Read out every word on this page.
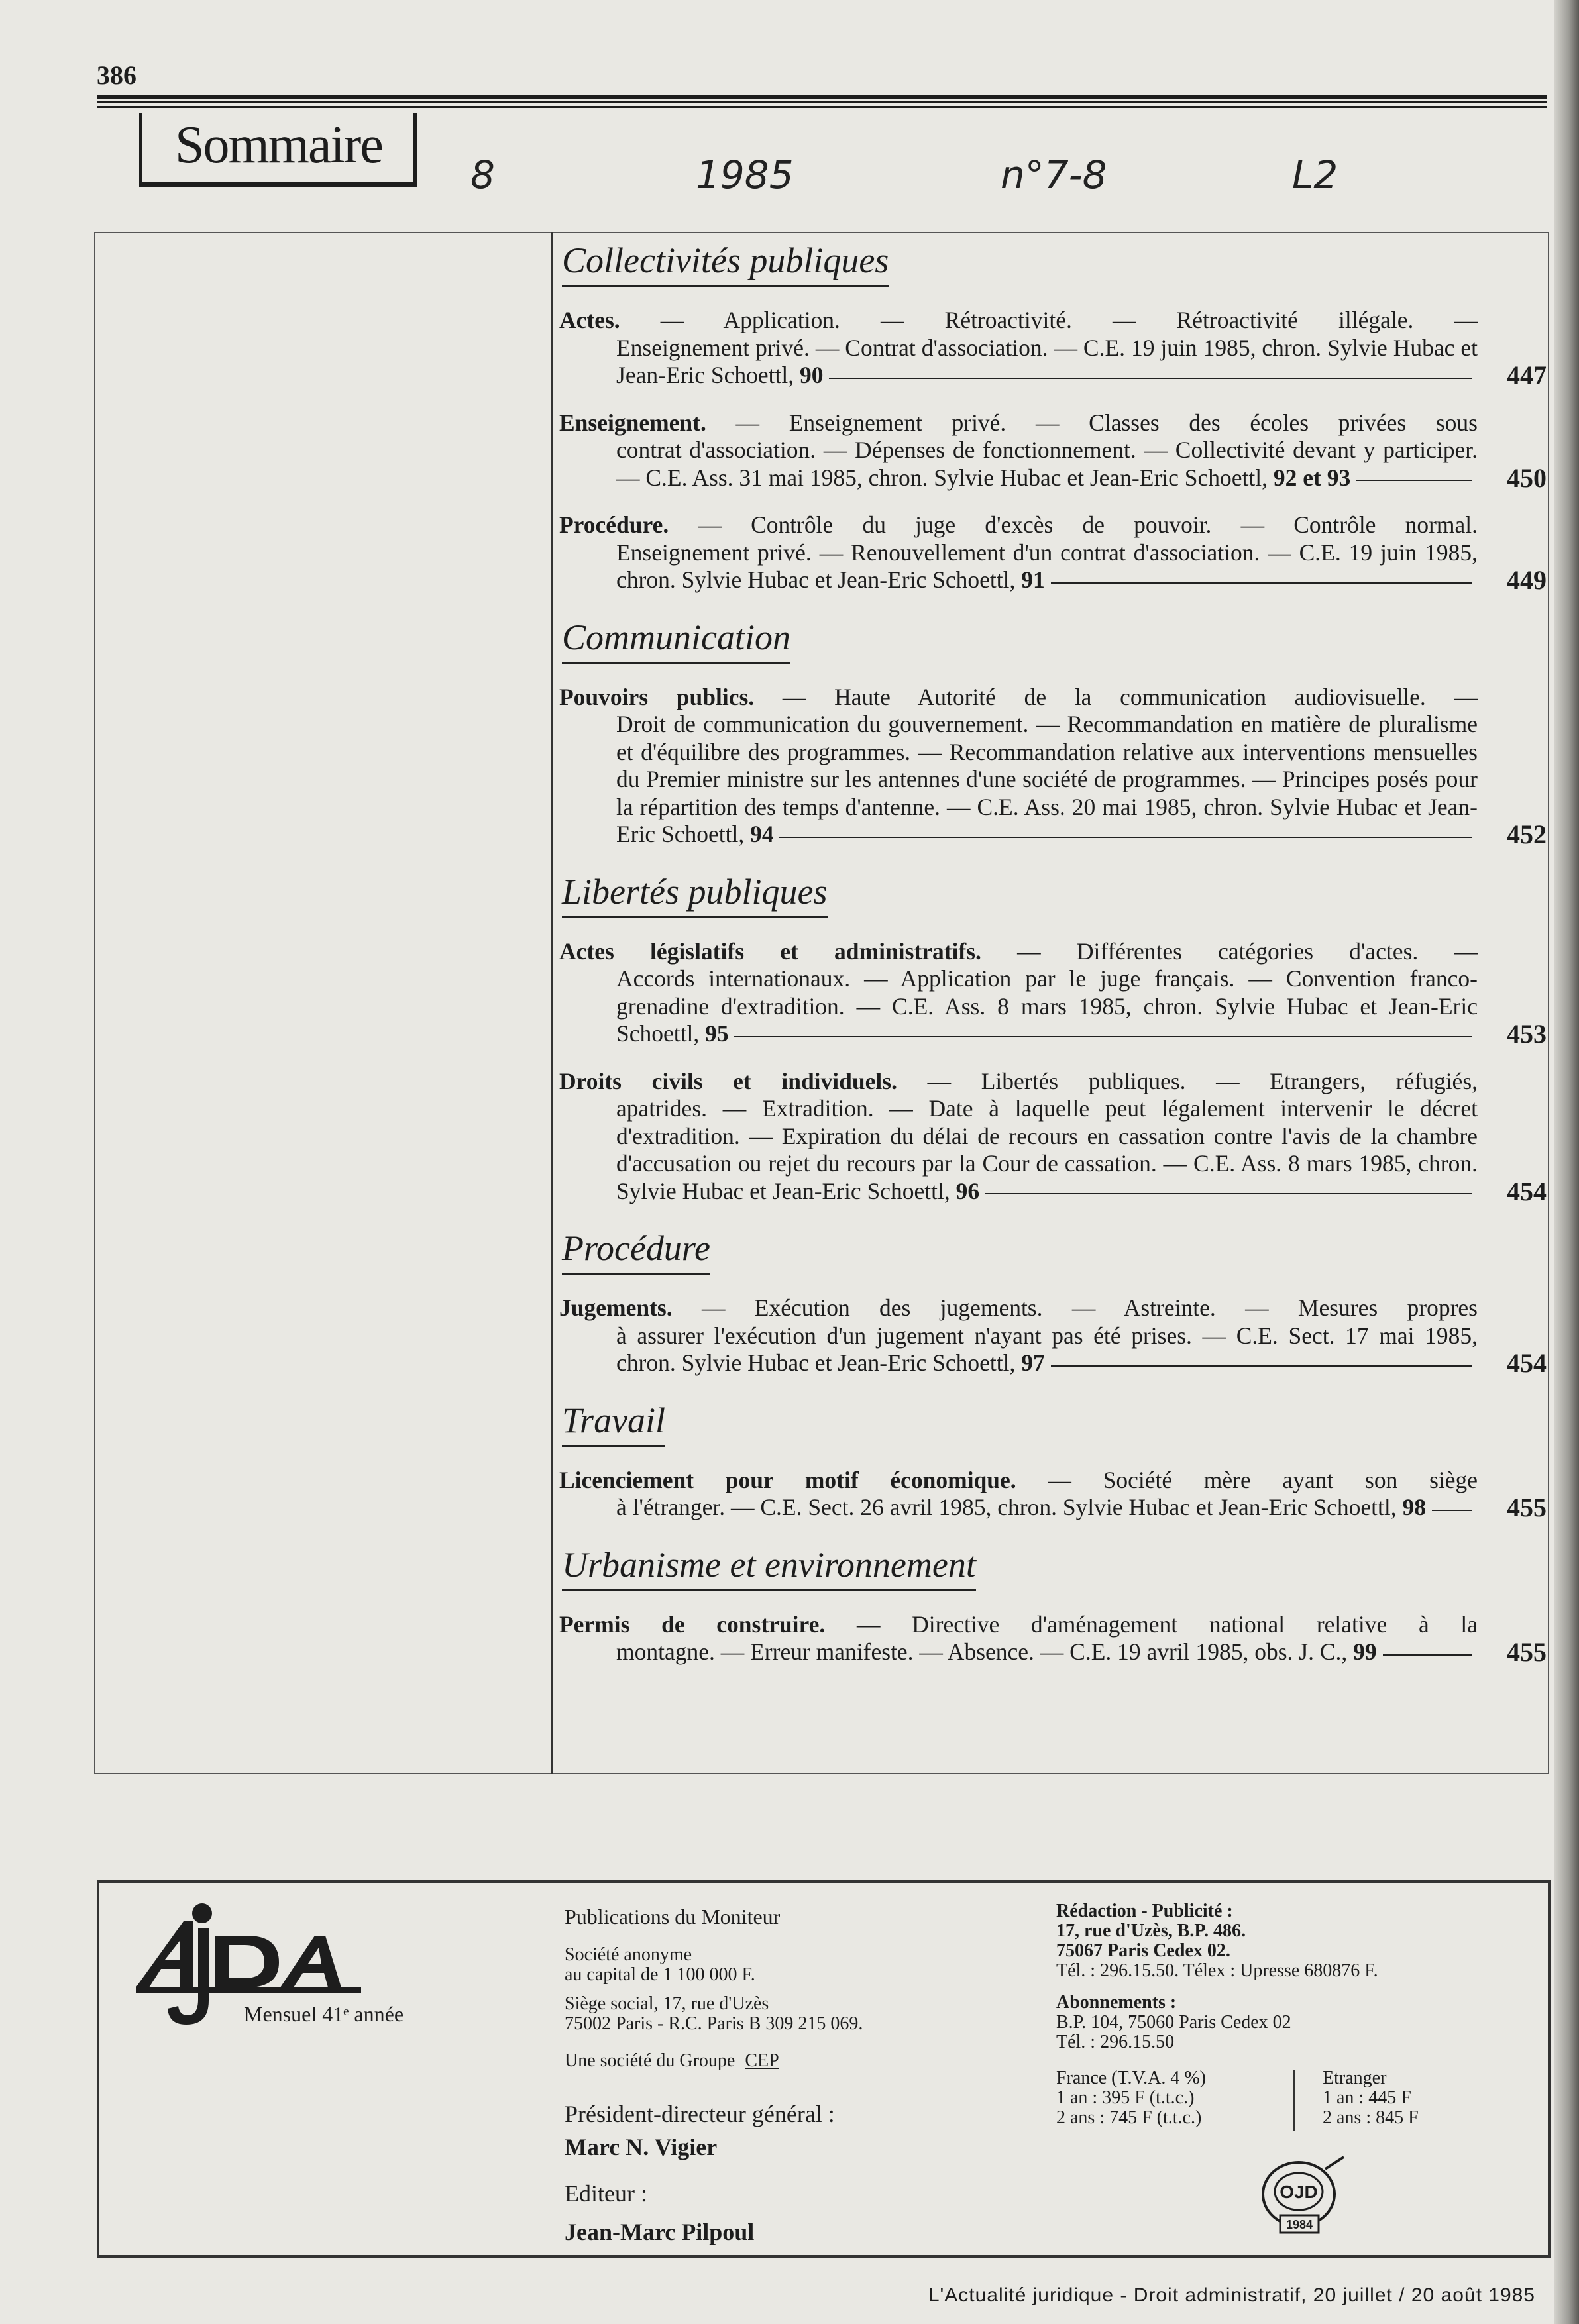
386
Sommaire
8	1985	n°7-8	L2
Collectivités publiques
Actes. — Application. — Rétroactivité. — Rétroactivité illégale. —
Enseignement privé. — Contrat d'association. — C.E. 19 juin 1985, chron. Sylvie Hubac et Jean-Eric Schoettl, 90	447
Enseignement. — Enseignement privé. — Classes des écoles privées sous
contrat d'association. — Dépenses de fonctionnement. — Collectivité devant y participer. — C.E. Ass. 31 mai 1985, chron. Sylvie Hubac et Jean-Eric Schoettl, 92 et 93	450
Procédure. — Contrôle du juge d'excès de pouvoir. — Contrôle normal.
Enseignement privé. — Renouvellement d'un contrat d'association. — C.E. 19 juin 1985, chron. Sylvie Hubac et Jean-Eric Schoettl, 91	449
Communication
Pouvoirs publics. — Haute Autorité de la communication audiovisuelle. —
Droit de communication du gouvernement. — Recommandation en matière de pluralisme et d'équilibre des programmes. — Recommandation relative aux interventions mensuelles du Premier ministre sur les antennes d'une société de programmes. — Principes posés pour la répartition des temps d'antenne. — C.E. Ass. 20 mai 1985, chron. Sylvie Hubac et Jean-Eric Schoettl, 94	452
Libertés publiques
Actes législatifs et administratifs. — Différentes catégories d'actes. —
Accords internationaux. — Application par le juge français. — Convention franco-grenadine d'extradition. — C.E. Ass. 8 mars 1985, chron. Sylvie Hubac et Jean-Eric Schoettl, 95	453
Droits civils et individuels. — Libertés publiques. — Etrangers, réfugiés,
apatrides. — Extradition. — Date à laquelle peut légalement intervenir le décret d'extradition. — Expiration du délai de recours en cassation contre l'avis de la chambre d'accusation ou rejet du recours par la Cour de cassation. — C.E. Ass. 8 mars 1985, chron. Sylvie Hubac et Jean-Eric Schoettl, 96	454
Procédure
Jugements. — Exécution des jugements. — Astreinte. — Mesures propres
à assurer l'exécution d'un jugement n'ayant pas été prises. — C.E. Sect. 17 mai 1985, chron. Sylvie Hubac et Jean-Eric Schoettl, 97	454
Travail
Licenciement pour motif économique. — Société mère ayant son siège
à l'étranger. — C.E. Sect. 26 avril 1985, chron. Sylvie Hubac et Jean-Eric Schoettl, 98	455
Urbanisme et environnement
Permis de construire. — Directive d'aménagement national relative à la
montagne. — Erreur manifeste. — Absence. — C.E. 19 avril 1985, obs. J. C., 99	455
Mensuel 41ᵉ année
Publications du Moniteur
Société anonyme
au capital de 1 100 000 F.
Siège social, 17, rue d'Uzès
75002 Paris - R.C. Paris B 309 215 069.
Une société du Groupe CEP
Président-directeur général :
Marc N. Vigier
Editeur :
Jean-Marc Pilpoul
Rédaction - Publicité :
17, rue d'Uzès, B.P. 486.
75067 Paris Cedex 02.
Tél. : 296.15.50. Télex : Upresse 680876 F.
Abonnements :
B.P. 104, 75060 Paris Cedex 02
Tél. : 296.15.50
France (T.V.A. 4 %)
1 an : 395 F (t.t.c.)
2 ans : 745 F (t.t.c.)
Etranger
1 an : 445 F
2 ans : 845 F
OJD
1984
L'Actualité juridique - Droit administratif, 20 juillet / 20 août 1985
